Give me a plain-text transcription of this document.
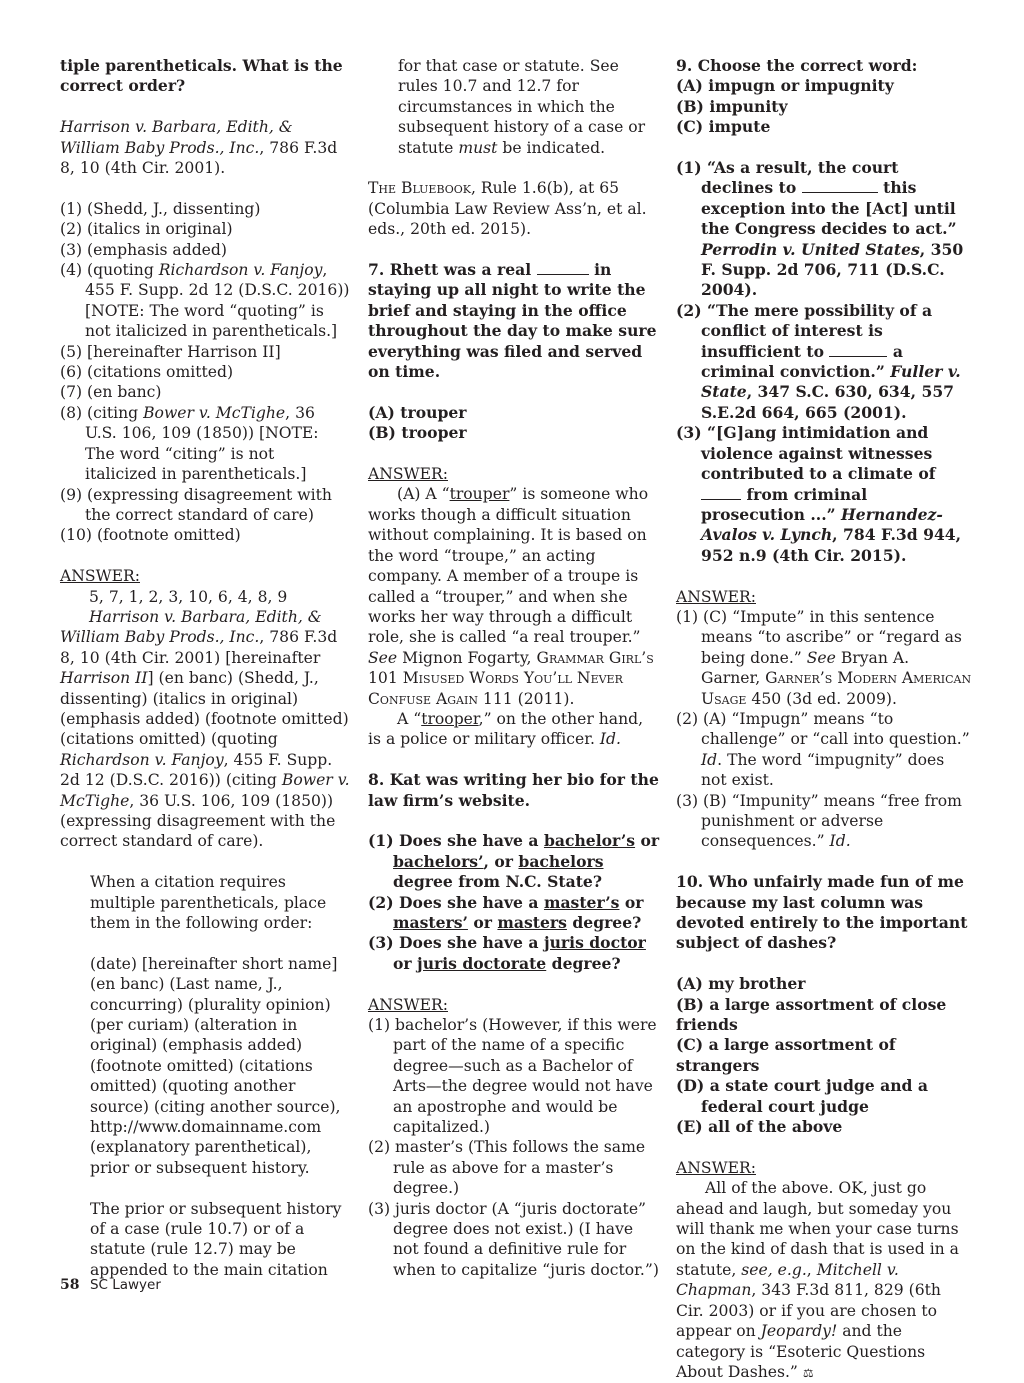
tiple parentheticals. What is the correct order?

Harrison v. Barbara, Edith, & William Baby Prods., Inc., 786 F.3d 8, 10 (4th Cir. 2001).

(1) (Shedd, J., dissenting)

(2) (italics in original)

(3) (emphasis added)

(4) (quoting Richardson v. Fanjoy, 455 F. Supp. 2d 12 (D.S.C. 2016)) [NOTE: The word “quoting” is not italicized in parentheticals.]

(5) [hereinafter Harrison II]

(6) (citations omitted)

(7) (en banc)

(8) (citing Bower v. McTighe, 36 U.S. 106, 109 (1850)) [NOTE: The word “citing” is not italicized in parentheticals.]

(9) (expressing disagreement with the correct standard of care)

(10) (footnote omitted)

ANSWER:

5, 7, 1, 2, 3, 10, 6, 4, 8, 9

Harrison v. Barbara, Edith, & William Baby Prods., Inc., 786 F.3d 8, 10 (4th Cir. 2001) [hereinafter Harrison II] (en banc) (Shedd, J., dissenting) (italics in original) (emphasis added) (footnote omitted) (citations omitted) (quoting Richardson v. Fanjoy, 455 F. Supp. 2d 12 (D.S.C. 2016)) (citing Bower v. McTighe, 36 U.S. 106, 109 (1850)) (expressing disagreement with the correct standard of care).

When a citation requires multiple parentheticals, place them in the following order:

(date) [hereinafter short name] (en banc) (Last name, J., concurring) (plurality opinion) (per curiam) (alteration in original) (emphasis added) (footnote omitted) (citations omitted) (quoting another source) (citing another source), http://www.domainname.com (explanatory parenthetical), prior or subsequent history.

The prior or subsequent history of a case (rule 10.7) or of a statute (rule 12.7) may be appended to the main citation

for that case or statute. See rules 10.7 and 12.7 for circumstances in which the subsequent history of a case or statute must be indicated.

The Bluebook, Rule 1.6(b), at 65 (Columbia Law Review Ass’n, et al. eds., 20th ed. 2015).

7. Rhett was a real	in staying up all night to write the brief and staying in the office throughout the day to make sure everything was filed and served on time.

(A) trouper

(B) trooper

ANSWER:

(A) A “trouper” is someone who works though a difficult situation without complaining. It is based on the word “troupe,” an acting company. A member of a troupe is called a “trouper,” and when she works her way through a difficult role, she is called “a real trouper.” See Mignon Fogarty, Grammar Girl’s 101 Misused Words You’ll Never Confuse Again 111 (2011).

A “trooper,” on the other hand, is a police or military officer. Id.

8. Kat was writing her bio for the law firm’s website.

(1) Does she have a bachelor’s or bachelors’, or bachelors degree from N.C. State?

(2) Does she have a master’s or masters’ or masters degree?

(3) Does she have a juris doctor or juris doctorate degree?

ANSWER:

(1) bachelor’s (However, if this were part of the name of a specific degree—such as a Bachelor of Arts—the degree would not have an apostrophe and would be capitalized.)

(2) master’s (This follows the same rule as above for a master’s degree.)

(3) juris doctor (A “juris doctorate” degree does not exist.) (I have not found a definitive rule for when to capitalize “juris doctor.”)

9. Choose the correct word:

(A) impugn or impugnity

(B) impunity

(C) impute

(1) “As a result, the court declines to	this exception into the [Act] until the Congress decides to act.” Perrodin v. United States, 350 F. Supp. 2d 706, 711 (D.S.C. 2004).

(2) “The mere possibility of a conflict of interest is insufficient to	a criminal conviction.” Fuller v. State, 347 S.C. 630, 634, 557 S.E.2d 664, 665 (2001).

(3) “[G]ang intimidation and violence against witnesses contributed to a climate of  from criminal prosecution ...” Hernandez-Avalos v. Lynch, 784 F.3d 944, 952 n.9 (4th Cir. 2015).

ANSWER:

(1) (C) “Impute” in this sentence means “to ascribe” or “regard as being done.” See Bryan A. Garner, Garner’s Modern American Usage 450 (3d ed. 2009).

(2) (A) “Impugn” means “to challenge” or “call into question.” Id. The word “impugnity” does not exist.

(3) (B) “Impunity” means “free from punishment or adverse consequences.” Id.

10. Who unfairly made fun of me because my last column was devoted entirely to the important subject of dashes?

(A) my brother

(B) a large assortment of close friends

(C) a large assortment of strangers

(D) a state court judge and a federal court judge

(E) all of the above

ANSWER:

All of the above. OK, just go ahead and laugh, but someday you will thank me when your case turns on the kind of dash that is used in a statute, see, e.g., Mitchell v. Chapman, 343 F.3d 811, 829 (6th Cir. 2003) or if you are chosen to appear on Jeopardy! and the category is “Esoteric Questions About Dashes.” ⚖

58 SC Lawyer
